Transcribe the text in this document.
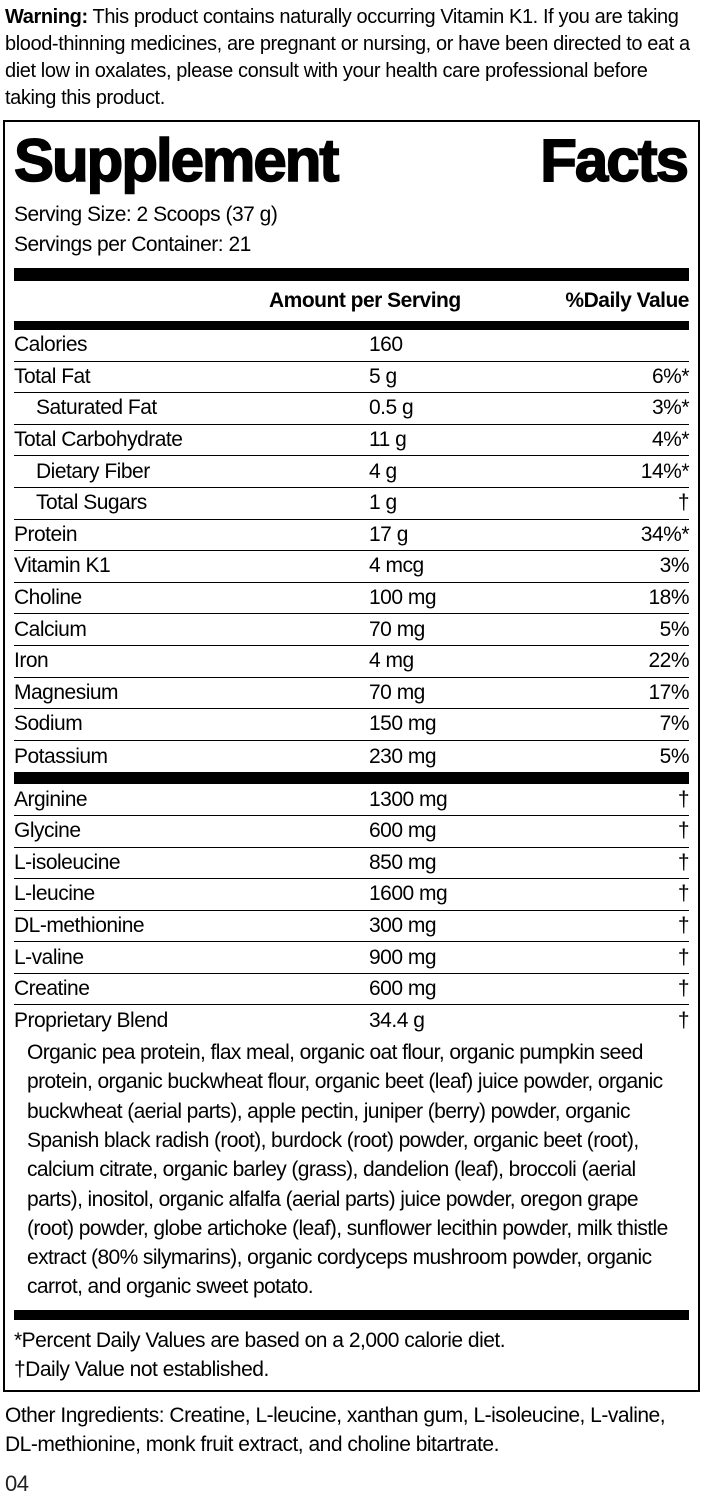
Warning: This product contains naturally occurring Vitamin K1. If you are taking blood-thinning medicines, are pregnant or nursing, or have been directed to eat a diet low in oxalates, please consult with your health care professional before taking this product.

Supplement	Facts
Serving Size: 2 Scoops (37 g)
Servings per Container: 21
Amount per Serving	%Daily Value
Calories	160
Total Fat	5 g	6%*
Saturated Fat	0.5 g	3%*
Total Carbohydrate	11 g	4%*
Dietary Fiber	4 g	14%*
Total Sugars	1 g	†
Protein	17 g	34%*
Vitamin K1	4 mcg	3%
Choline	100 mg	18%
Calcium	70 mg	5%
Iron	4 mg	22%
Magnesium	70 mg	17%
Sodium	150 mg	7%
Potassium	230 mg	5%
Arginine	1300 mg	†
Glycine	600 mg	†
L-isoleucine	850 mg	†
L-leucine	1600 mg	†
DL-methionine	300 mg	†
L-valine	900 mg	†
Creatine	600 mg	†
Proprietary Blend	34.4 g	†
Organic pea protein, flax meal, organic oat flour, organic pumpkin seed protein, organic buckwheat flour, organic beet (leaf) juice powder, organic buckwheat (aerial parts), apple pectin, juniper (berry) powder, organic Spanish black radish (root), burdock (root) powder, organic beet (root), calcium citrate, organic barley (grass), dandelion (leaf), broccoli (aerial parts), inositol, organic alfalfa (aerial parts) juice powder, oregon grape (root) powder, globe artichoke (leaf), sunflower lecithin powder, milk thistle extract (80% silymarins), organic cordyceps mushroom powder, organic carrot, and organic sweet potato.
*Percent Daily Values are based on a 2,000 calorie diet.
†Daily Value not established.

Other Ingredients: Creatine, L-leucine, xanthan gum, L-isoleucine, L-valine, DL-methionine, monk fruit extract, and choline bitartrate.

04
